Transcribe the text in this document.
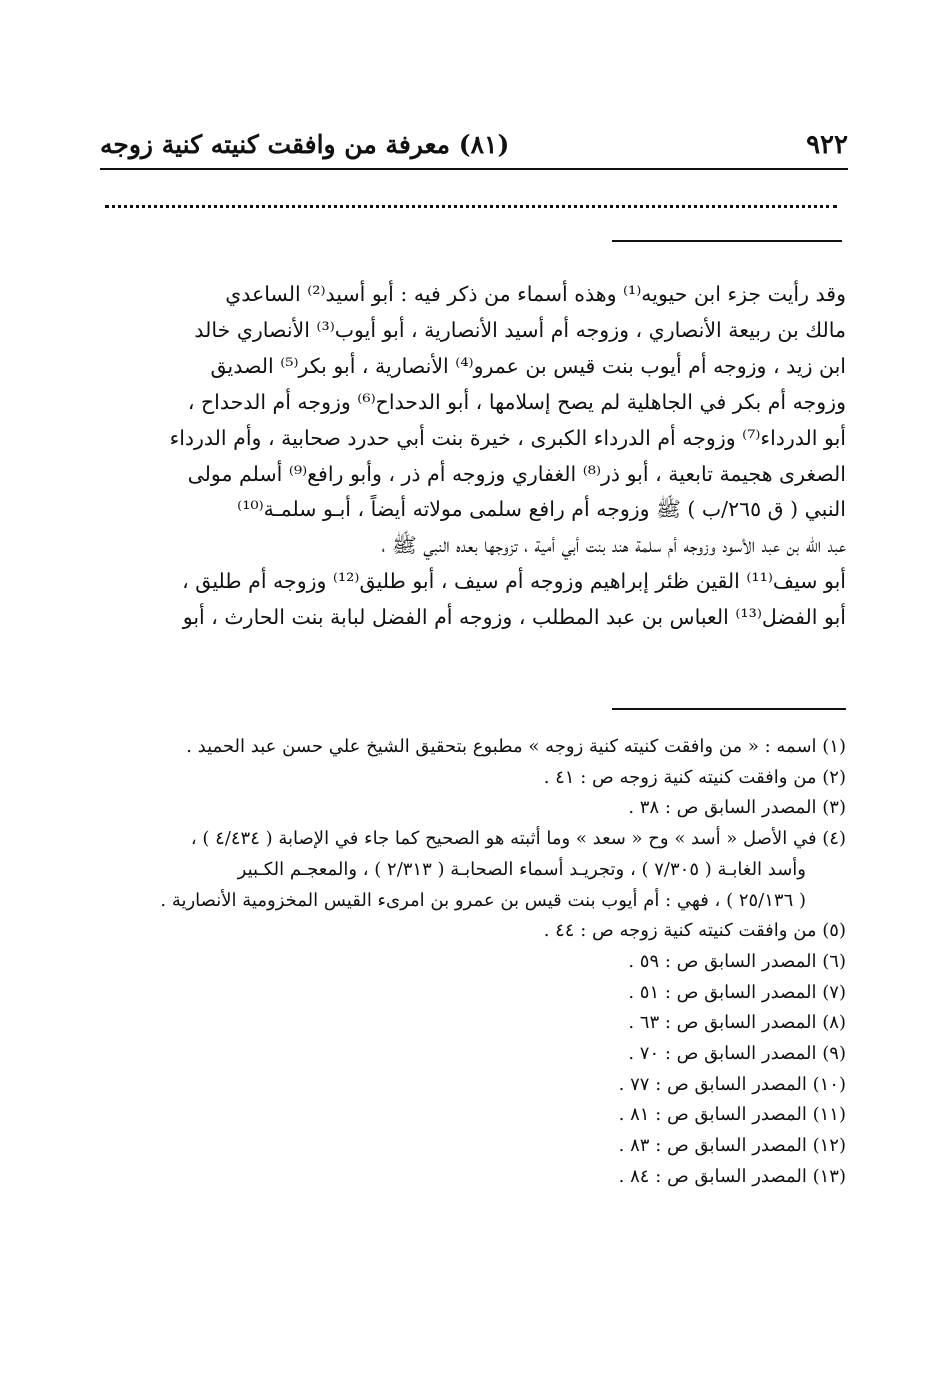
٩٢٢
(٨١) معرفة من وافقت كنيته كنية زوجه
وقد رأيت جزء ابن حيويه⁽¹⁾ وهذه أسماء من ذكر فيه : أبو أسيد⁽²⁾ الساعدي
مالك بن ربيعة الأنصاري ، وزوجه أم أسيد الأنصارية ، أبو أيوب⁽³⁾ الأنصاري خالد
ابن زيد ، وزوجه أم أيوب بنت قيس بن عمرو⁽⁴⁾ الأنصارية ، أبو بكر⁽⁵⁾ الصديق
وزوجه أم بكر في الجاهلية لم يصح إسلامها ، أبو الدحداح⁽⁶⁾ وزوجه أم الدحداح ،
أبو الدرداء⁽⁷⁾ وزوجه أم الدرداء الكبرى ، خيرة بنت أبي حدرد صحابية ، وأم الدرداء
الصغرى هجيمة تابعية ، أبو ذر⁽⁸⁾ الغفاري وزوجه أم ذر ، وأبو رافع⁽⁹⁾ أسلم مولى
النبي ( ق ٢٦٥/ب ) ﷺ وزوجه أم رافع سلمى مولاته أيضاً ، أبـو سلمـة⁽¹⁰⁾
عبد الله بن عبد الأسود وزوجه أم سلمة هند بنت أبي أمية ، تزوجها بعده النبي ﷺ ،
أبو سيف⁽¹¹⁾ القين ظئر إبراهيم وزوجه أم سيف ، أبو طليق⁽¹²⁾ وزوجه أم طليق ،
أبو الفضل⁽¹³⁾ العباس بن عبد المطلب ، وزوجه أم الفضل لبابة بنت الحارث ، أبو
(١) اسمه : « من وافقت كنيته كنية زوجه » مطبوع بتحقيق الشيخ علي حسن عبد الحميد .
(٢) من وافقت كنيته كنية زوجه ص : ٤١ .
(٣) المصدر السابق ص : ٣٨ .
(٤) في الأصل « أسد » وح « سعد » وما أثبته هو الصحيح كما جاء في الإصابة ( ٤/٤٣٤ ) ،
وأسد الغابـة ( ٧/٣٠٥ ) ، وتجريـد أسماء الصحابـة ( ٢/٣١٣ ) ، والمعجـم الكـبير
( ٢٥/١٣٦ ) ، فهي : أم أيوب بنت قيس بن عمرو بن امرىء القيس المخزومية الأنصارية .
(٥) من وافقت كنيته كنية زوجه ص : ٤٤ .
(٦) المصدر السابق ص : ٥٩ .
(٧) المصدر السابق ص : ٥١ .
(٨) المصدر السابق ص : ٦٣ .
(٩) المصدر السابق ص : ٧٠ .
(١٠) المصدر السابق ص : ٧٧ .
(١١) المصدر السابق ص : ٨١ .
(١٢) المصدر السابق ص : ٨٣ .
(١٣) المصدر السابق ص : ٨٤ .
